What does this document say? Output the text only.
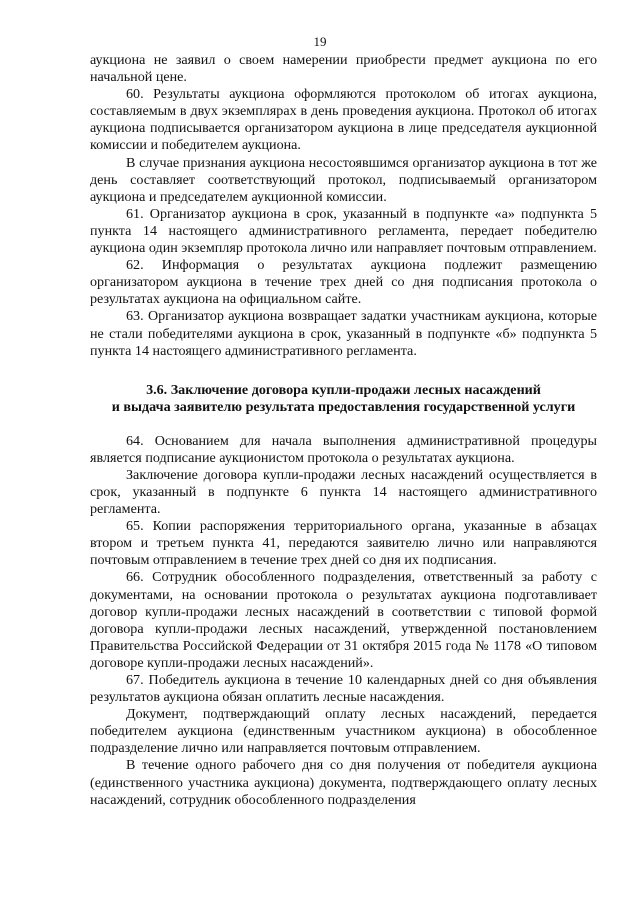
19

аукциона не заявил о своем намерении приобрести предмет аукциона по его начальной цене.

60. Результаты аукциона оформляются протоколом об итогах аукциона, составляемым в двух экземплярах в день проведения аукциона. Протокол об итогах аукциона подписывается организатором аукциона в лице председателя аукционной комиссии и победителем аукциона.

В случае признания аукциона несостоявшимся организатор аукциона в тот же день составляет соответствующий протокол, подписываемый организатором аукциона и председателем аукционной комиссии.

61. Организатор аукциона в срок, указанный в подпункте «а» подпункта 5 пункта 14 настоящего административного регламента, передает победителю аукциона один экземпляр протокола лично или направляет почтовым отправлением.

62. Информация о результатах аукциона подлежит размещению организатором аукциона в течение трех дней со дня подписания протокола о результатах аукциона на официальном сайте.

63. Организатор аукциона возвращает задатки участникам аукциона, которые не стали победителями аукциона в срок, указанный в подпункте «б» подпункта 5 пункта 14 настоящего административного регламента.

3.6. Заключение договора купли-продажи лесных насаждений
и выдача заявителю результата предоставления государственной услуги

64. Основанием для начала выполнения административной процедуры является подписание аукционистом протокола о результатах аукциона.

Заключение договора купли-продажи лесных насаждений осуществляется в срок, указанный в подпункте 6 пункта 14 настоящего административного регламента.

65. Копии распоряжения территориального органа, указанные в абзацах втором и третьем пункта 41, передаются заявителю лично или направляются почтовым отправлением в течение трех дней со дня их подписания.

66. Сотрудник обособленного подразделения, ответственный за работу с документами, на основании протокола о результатах аукциона подготавливает договор купли-продажи лесных насаждений в соответствии с типовой формой договора купли-продажи лесных насаждений, утвержденной постановлением Правительства Российской Федерации от 31 октября 2015 года № 1178 «О типовом договоре купли-продажи лесных насаждений».

67. Победитель аукциона в течение 10 календарных дней со дня объявления результатов аукциона обязан оплатить лесные насаждения.

Документ, подтверждающий оплату лесных насаждений, передается победителем аукциона (единственным участником аукциона) в обособленное подразделение лично или направляется почтовым отправлением.

В течение одного рабочего дня со дня получения от победителя аукциона (единственного участника аукциона) документа, подтверждающего оплату лесных насаждений, сотрудник обособленного подразделения
